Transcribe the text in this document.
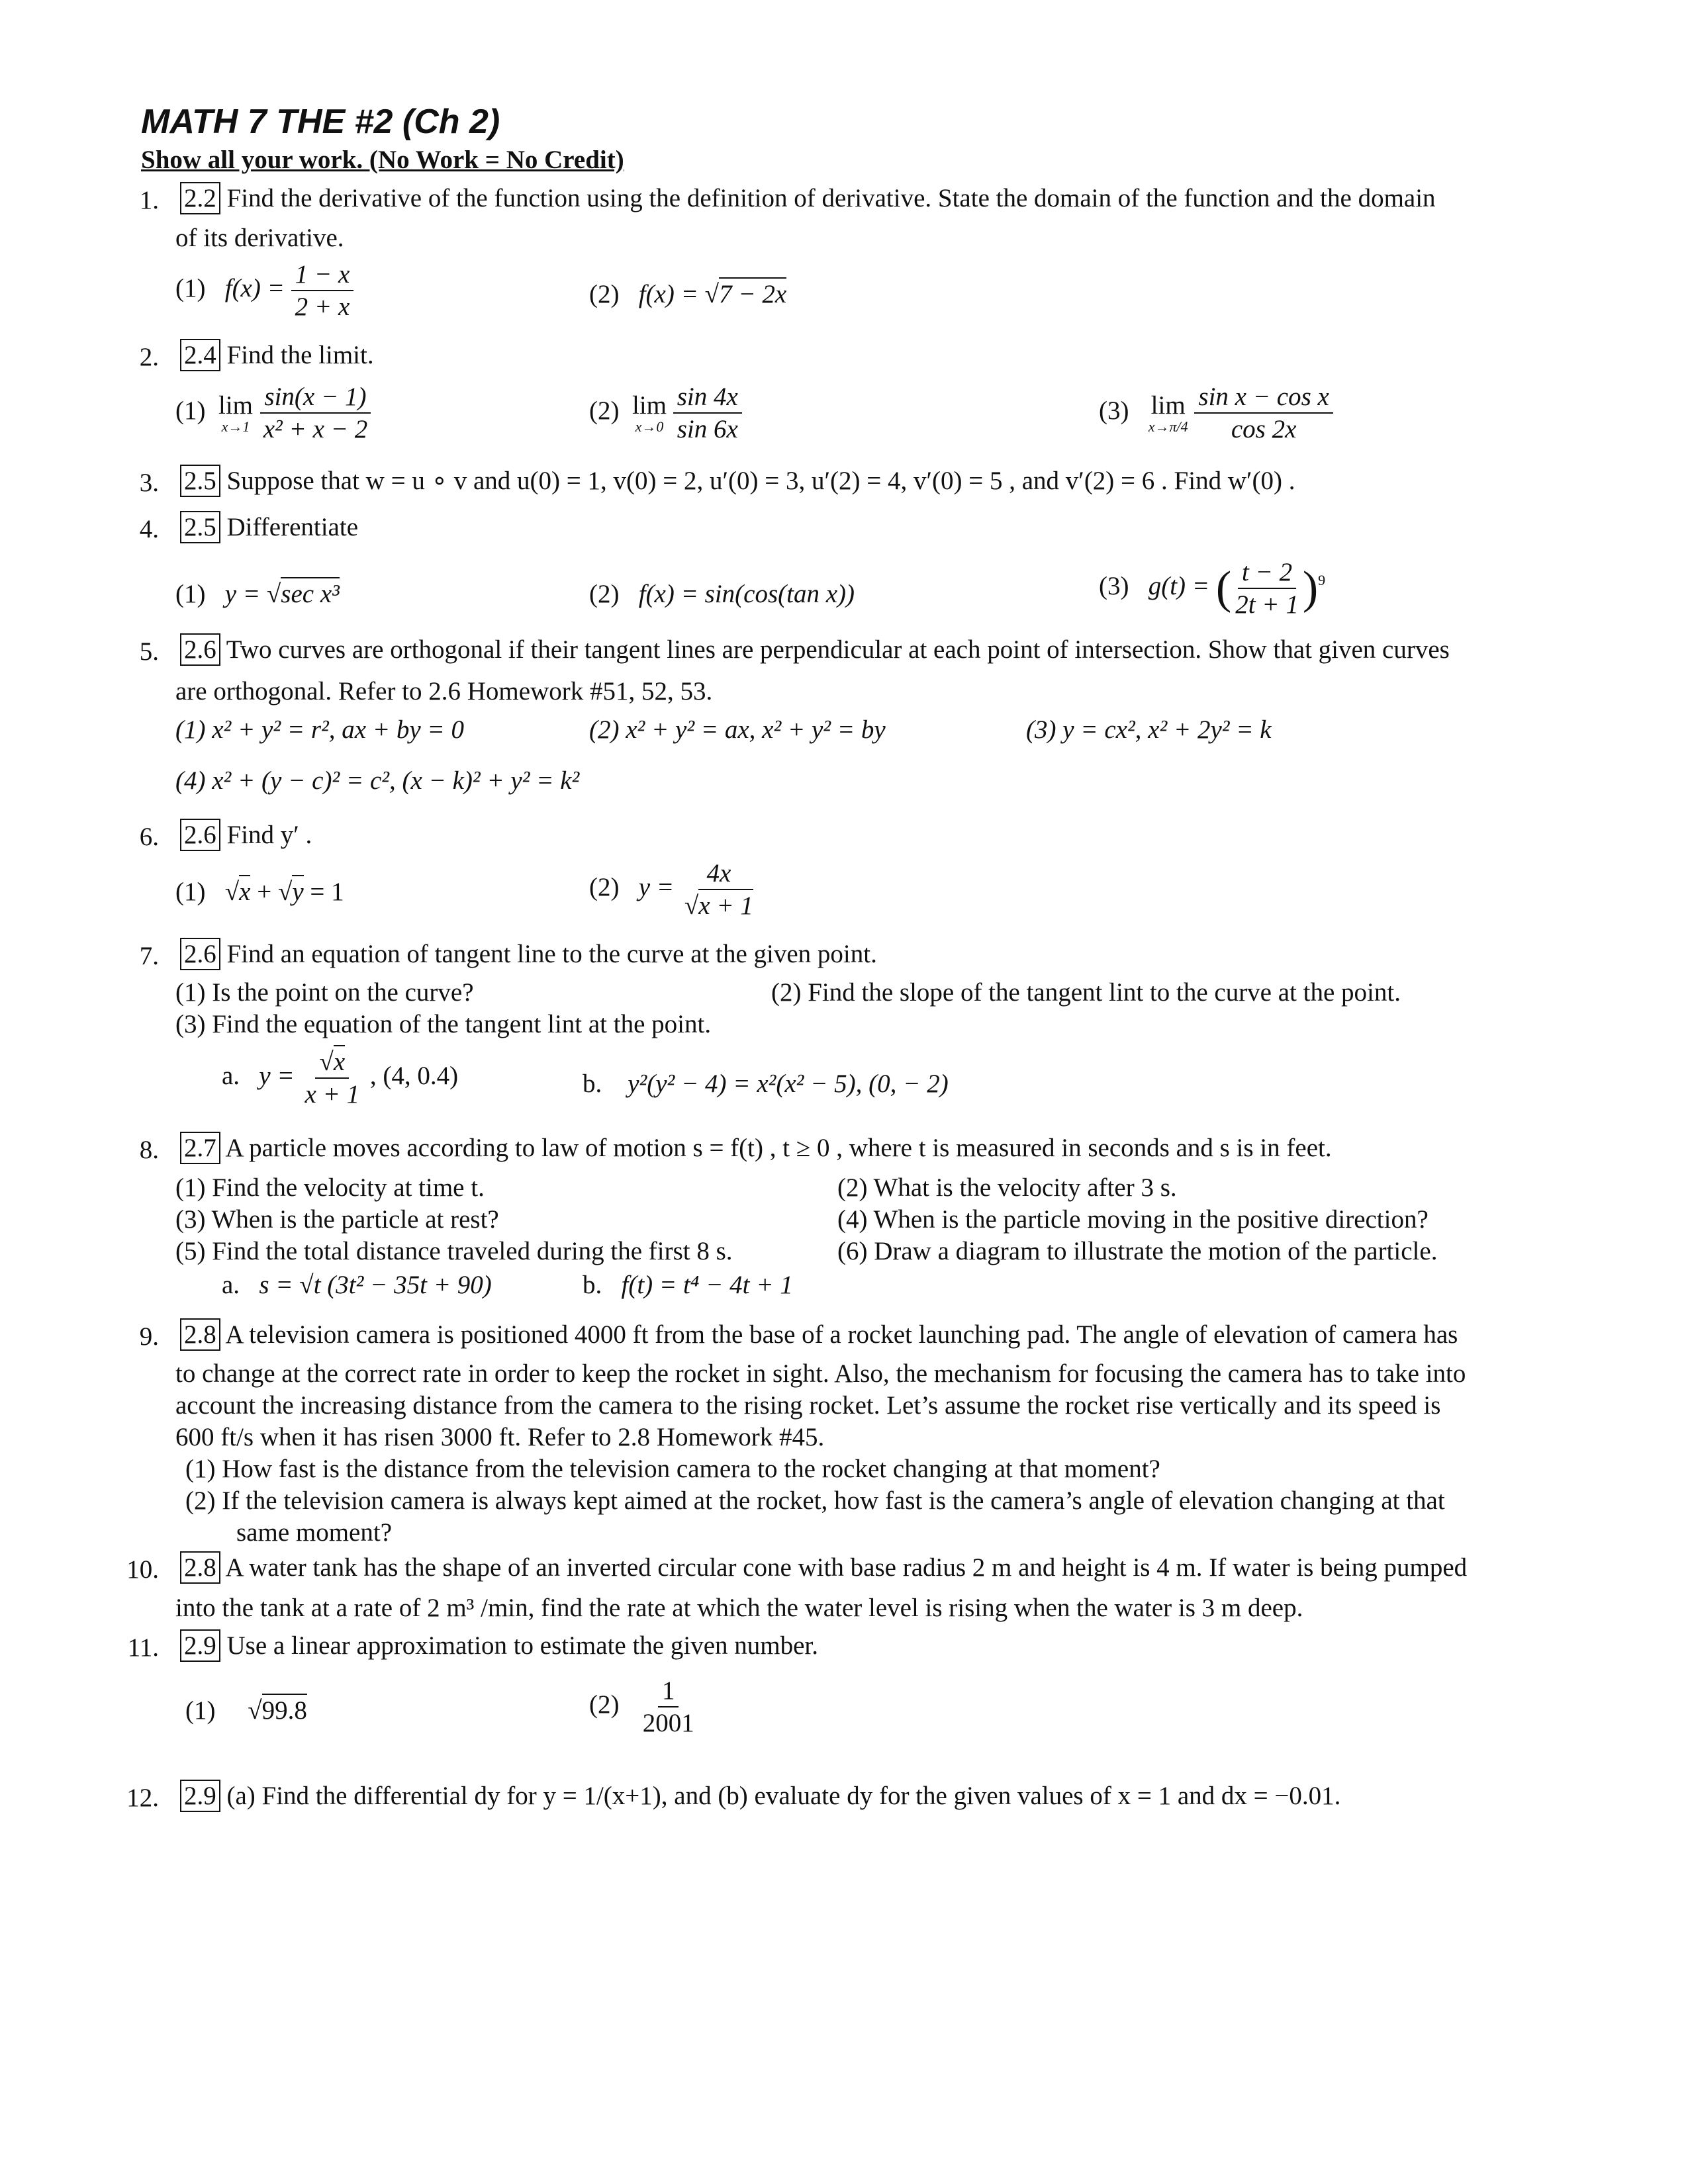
MATH 7 THE #2 (Ch 2)
Show all your work. (No Work = No Credit)
1. 2.2 Find the derivative of the function using the definition of derivative. State the domain of the function and the domain
of its derivative.
(1) $f(x) = \frac{1 - x}{2 + x}$	(2) f(x) = √7 − 2x
2. 2.4 Find the limit.
(1) lim
x→1
$\frac{\sin(x - 1)}{\text{x² + x − 2}}$	(2) lim
x→0
$\frac{\sin 4x}{\sin 6x}$	(3) lim
x→π/4
$\frac{\text{sin x − cos x}}{\cos 2x}$
3. 2.5 Suppose that w = u ∘ v and u(0) = 1, v(0) = 2, u′(0) = 3, u′(2) = 4, v′(0) = 5 , and v′(2) = 6 . Find w′(0) .
4. 2.5 Differentiate
(1) y = √sec x³	(2) f(x) = sin(cos(tan x))	(3) g(t) = ( $\frac{t - 2}{2t + 1} )^9$
5. 2.6 Two curves are orthogonal if their tangent lines are perpendicular at each point of intersection. Show that given curves
are orthogonal. Refer to 2.6 Homework #51, 52, 53.
(1) x² + y² = r², ax + by = 0	(2) x² + y² = ax, x² + y² = by	(3) y = cx², x² + 2y² = k
(4) x² + (y − c)² = c², (x − k)² + y² = k²
6. 2.6 Find y′ .
(1) √x + √y = 1	(2) $y = \frac{4x}{√x + 1}$
7. 2.6 Find an equation of tangent line to the curve at the given point.
(1) Is the point on the curve?	(2) Find the slope of the tangent lint to the curve at the point.
(3) Find the equation of the tangent lint at the point.
a. $y = \frac{√x}{x + 1}$ , (4, 0.4)	b. y²(y² − 4) = x²(x² − 5), (0, − 2)
8. 2.7 A particle moves according to law of motion s = f(t) , t ≥ 0 , where t is measured in seconds and s is in feet.
(1) Find the velocity at time t.	(2) What is the velocity after 3 s.
(3) When is the particle at rest?	(4) When is the particle moving in the positive direction?
(5) Find the total distance traveled during the first 8 s.	(6) Draw a diagram to illustrate the motion of the particle.
a. s = √t (3t² − 35t + 90)	b. f(t) = t⁴ − 4t + 1
9. 2.8 A television camera is positioned 4000 ft from the base of a rocket launching pad. The angle of elevation of camera has
to change at the correct rate in order to keep the rocket in sight. Also, the mechanism for focusing the camera has to take into
account the increasing distance from the camera to the rising rocket. Let’s assume the rocket rise vertically and its speed is
600 ft/s when it has risen 3000 ft. Refer to 2.8 Homework #45.
(1) How fast is the distance from the television camera to the rocket changing at that moment?
(2) If the television camera is always kept aimed at the rocket, how fast is the camera’s angle of elevation changing at that
same moment?
10. 2.8 A water tank has the shape of an inverted circular cone with base radius 2 m and height is 4 m. If water is being pumped
into the tank at a rate of 2 m³ /min, find the rate at which the water level is rising when the water is 3 m deep.
11. 2.9 Use a linear approximation to estimate the given number.
(1) √99.8	$(2) \frac{1}{2001}$
12. 2.9 (a) Find the differential dy for y = 1/(x+1), and (b) evaluate dy for the given values of x = 1 and dx = −0.01.
